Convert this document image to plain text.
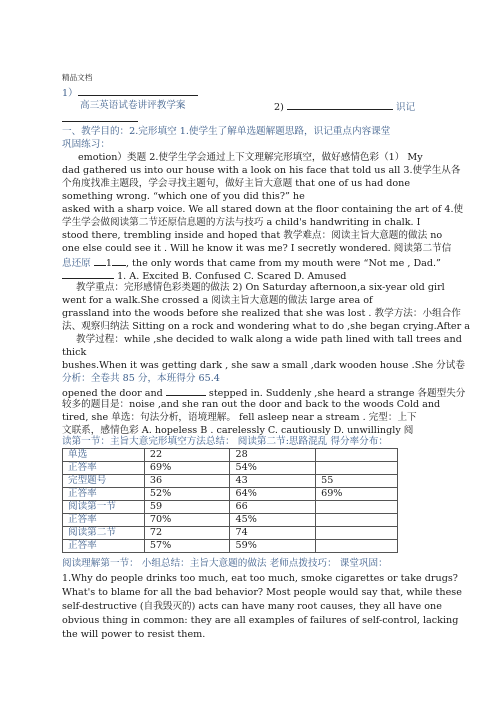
精品文档
1）
高三英语试卷讲评教学案	2)	识记
一、教学目的：2.完形填空 1.使学生了解单选题解题思路，识记重点内容课堂
巩固练习：
emotion）类题 2.使学生学会通过上下文理解完形填空，做好感情色彩（1） My
dad gathered us into our house with a look on his face that told us all 3.使学生从各
个角度找准主题段，学会寻找主题句，做好主旨大意题 that one of us had done
something wrong. “which one of you did this?” he
asked with a sharp voice. We all stared down at the floor containing the art of 4.使
学生学会做阅读第二节还原信息题的方法与技巧 a child's handwriting in chalk. I
stood there, trembling inside and hoped that 教学难点：阅读主旨大意题的做法 no
one else could see it . Will he know it was me? I secretly wondered. 阅读第二节信
息还原 1 , the only words that came from my mouth were “Not me , Dad.”
1. A. Excited B. Confused C. Scared D. Amused
教学重点：完形感情色彩类题的做法 2) On Saturday afternoon,a six-year old girl
went for a walk.She crossed a 阅读主旨大意题的做法 large area of
grassland into the woods before she realized that she was lost . 教学方法：小组合作
法、观察归纳法 Sitting on a rock and wondering what to do ,she began crying.After a
教学过程：while ,she decided to walk along a wide path lined with tall trees and
thick
bushes.When it was getting dark , she saw a small ,dark wooden house .She 分试卷
分析：全卷共 85 分，本班得分 65.4
opened the door and	stepped in. Suddenly ,she heard a strange 各题型失分
较多的题目是：noise ,and she ran out the door and back to the woods Cold and
tired, she 单选：句法分析，语境理解。 fell asleep near a stream . 完型：上下
文联系，感情色彩 A. hopeless B . carelessly C. cautiously D. unwillingly 阅
读第一节：主旨大意完形填空方法总结： 阅读第二节:思路混乱 得分率分布：
单选	22	28	
正答率	69%	54%	
完型题号	36	43	55
正答率	52%	64%	69%
阅读第一节	59	66	
正答率	70%	45%	
阅读第二节	72	74	
正答率	57%	59%	
阅读理解第一节： 小组总结：主旨大意题的做法 老师点拨技巧： 课堂巩固：
1.Why do people drinks too much, eat too much, smoke cigarettes or take drugs?
What's to blame for all the bad behavior? Most people would say that, while these
self-destructive (自我毁灭的) acts can have many root causes, they all have one
obvious thing in common: they are all examples of failures of self-control, lacking
the will power to resist them.
